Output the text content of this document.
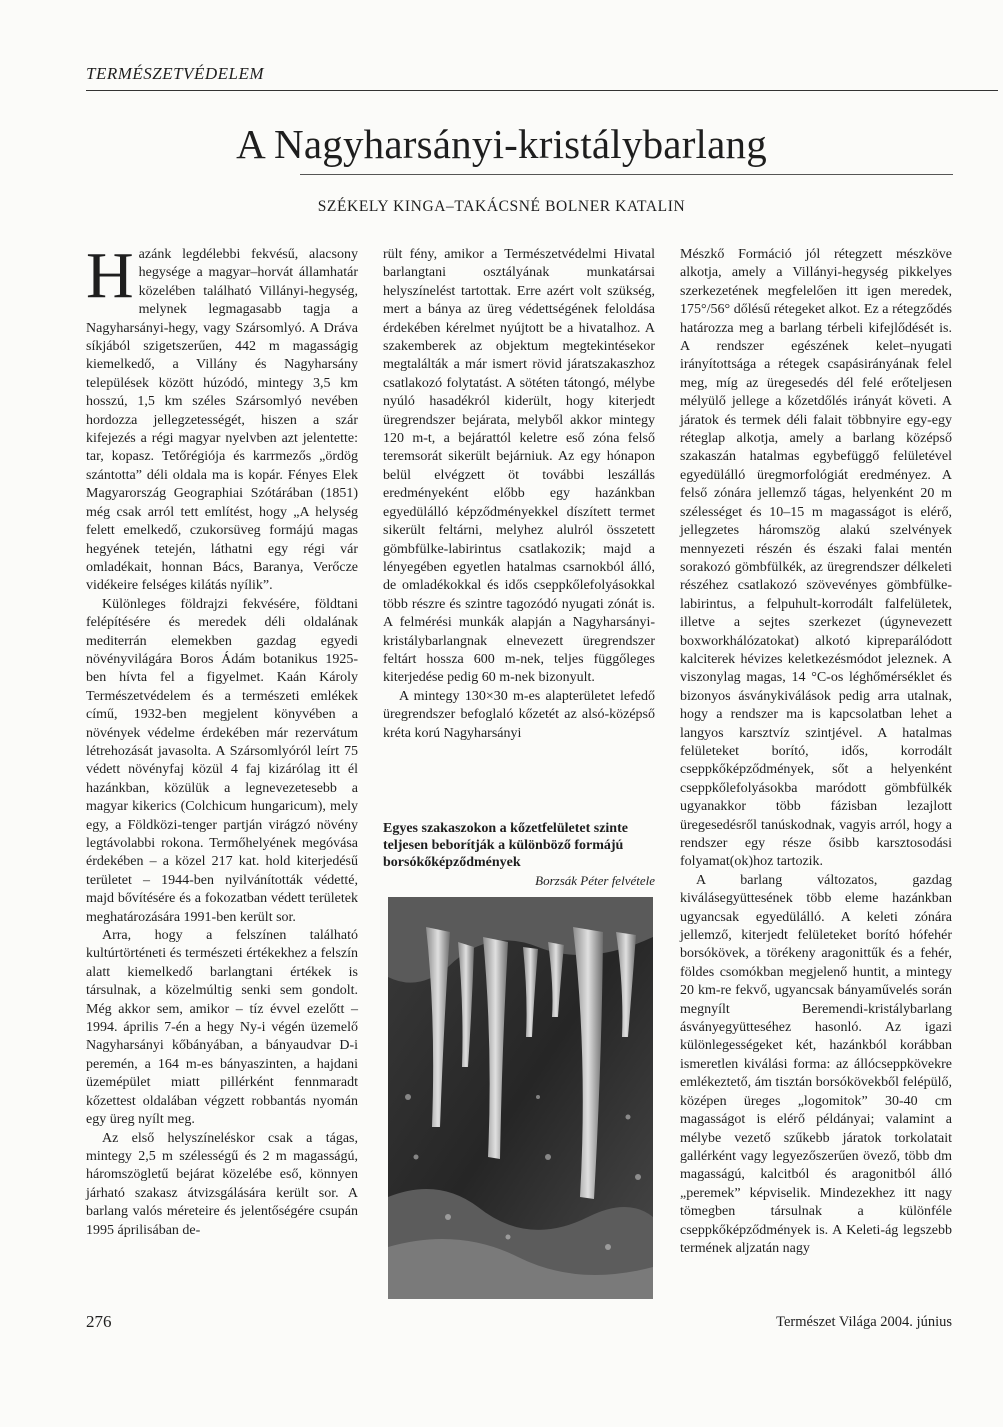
TERMÉSZETVÉDELEM
A Nagyharsányi-kristálybarlang
SZÉKELY KINGA–TAKÁCSNÉ BOLNER KATALIN

Hazánk legdélebbi fekvésű, alacsony hegysége a magyar–horvát államhatár közelében található Villányi-hegység, melynek legmagasabb tagja a Nagyharsányi-hegy, vagy Szársomlyó. A Dráva síkjából szigetszerűen, 442 m magasságig kiemelkedő, a Villány és Nagyharsány települések között húzódó, mintegy 3,5 km hosszú, 1,5 km széles Szársomlyó nevében hordozza jellegzetességét, hiszen a szár kifejezés a régi magyar nyelvben azt jelentette: tar, kopasz. Tetőrégiója és karrmezős „ördög szántotta” déli oldala ma is kopár. Fényes Elek Magyarország Geographiai Szótárában (1851) még csak arról tett említést, hogy „A helység felett emelkedő, czukorsüveg formájú magas hegyének tetején, láthatni egy régi vár omladékait, honnan Bács, Baranya, Verőcze vidékeire felséges kilátás nyílik”.

Különleges földrajzi fekvésére, földtani felépítésére és meredek déli oldalának mediterrán elemekben gazdag egyedi növényvilágára Boros Ádám botanikus 1925-ben hívta fel a figyelmet. Kaán Károly Természetvédelem és a természeti emlékek című, 1932-ben megjelent könyvében a növények védelme érdekében már rezervátum létrehozását javasolta. A Szársomlyóról leírt 75 védett növényfaj közül 4 faj kizárólag itt él hazánkban, közülük a legnevezetesebb a magyar kikerics (Colchicum hungaricum), mely egy, a Földközi-tenger partján virágzó növény legtávolabbi rokona. Termőhelyének megóvása érdekében – a közel 217 kat. hold kiterjedésű területet – 1944-ben nyilvánították védetté, majd bővítésére és a fokozatban védett területek meghatározására 1991-ben került sor.

Arra, hogy a felszínen található kultúrtörténeti és természeti értékekhez a felszín alatt kiemelkedő barlangtani értékek is társulnak, a közelmúltig senki sem gondolt. Még akkor sem, amikor – tíz évvel ezelőtt – 1994. április 7-én a hegy Ny-i végén üzemelő Nagyharsányi kőbányában, a bányaudvar D-i peremén, a 164 m-es bányaszinten, a hajdani üzemépület miatt pillérként fennmaradt kőzettest oldalában végzett robbantás nyomán egy üreg nyílt meg.

Az első helyszíneléskor csak a tágas, mintegy 2,5 m szélességű és 2 m magasságú, háromszögletű bejárat közelébe eső, könnyen járható szakasz átvizsgálására került sor. A barlang valós méreteire és jelentőségére csupán 1995 áprilisában de-

rült fény, amikor a Természetvédelmi Hivatal barlangtani osztályának munkatársai helyszínelést tartottak. Erre azért volt szükség, mert a bánya az üreg védettségének feloldása érdekében kérelmet nyújtott be a hivatalhoz. A szakemberek az objektum megtekintésekor megtalálták a már ismert rövid járatszakaszhoz csatlakozó folytatást. A sötéten tátongó, mélybe nyúló hasadékról kiderült, hogy kiterjedt üregrendszer bejárata, melyből akkor mintegy 120 m-t, a bejárattól keletre eső zóna felső teremsorát sikerült bejárniuk. Az egy hónapon belül elvégzett öt további leszállás eredményeként előbb egy hazánkban egyedülálló képződményekkel díszített termet sikerült feltárni, melyhez alulról összetett gömbfülke-labirintus csatlakozik; majd a lényegében egyetlen hatalmas csarnokból álló, de omladékokkal és idős cseppkőlefolyásokkal több részre és szintre tagozódó nyugati zónát is. A felmérési munkák alapján a Nagyharsányi-kristálybarlangnak elnevezett üregrendszer feltárt hossza 600 m-nek, teljes függőleges kiterjedése pedig 60 m-nek bizonyult.

A mintegy 130×30 m-es alapterületet lefedő üregrendszer befoglaló kőzetét az alsó-középső kréta korú Nagyharsányi

Egyes szakaszokon a kőzetfelületet szinte teljesen beborítják a különböző formájú borsókőképződmények
Borzsák Péter felvétele

Mészkő Formáció jól rétegzett mészköve alkotja, amely a Villányi-hegység pikkelyes szerkezetének megfelelően itt igen meredek, 175°/56° dőlésű rétegeket alkot. Ez a rétegződés határozza meg a barlang térbeli kifejlődését is. A rendszer egészének kelet–nyugati irányítottsága a rétegek csapásirányának felel meg, míg az üregesedés dél felé erőteljesen mélyülő jellege a kőzetdőlés irányát követi. A járatok és termek déli falait többnyire egy-egy réteglap alkotja, amely a barlang középső szakaszán hatalmas egybefüggő felületével egyedülálló üregmorfológiát eredményez. A felső zónára jellemző tágas, helyenként 20 m szélességet és 10–15 m magasságot is elérő, jellegzetes háromszög alakú szelvények mennyezeti részén és északi falai mentén sorakozó gömbfülkék, az üregrendszer délkeleti részéhez csatlakozó szövevényes gömbfülke-labirintus, a felpuhult-korrodált falfelületek, illetve a sejtes szerkezet (úgynevezett boxworkhálózatokat) alkotó kipreparálódott kalciterek hévizes keletkezésmódot jeleznek. A viszonylag magas, 14 °C-os léghőmérséklet és bizonyos ásványkiválások pedig arra utalnak, hogy a rendszer ma is kapcsolatban lehet a langyos karsztvíz szintjével. A hatalmas felületeket borító, idős, korrodált cseppkőképződmények, sőt a helyenként cseppkőlefolyásokba maródott gömbfülkék ugyanakkor több fázisban lezajlott üregesedésről tanúskodnak, vagyis arról, hogy a rendszer egy része ősibb karsztosodási folyamat(ok)hoz tartozik.

A barlang változatos, gazdag kiválásegyüttesének több eleme hazánkban ugyancsak egyedülálló. A keleti zónára jellemző, kiterjedt felületeket borító hófehér borsókövek, a törékeny aragonittűk és a fehér, földes csomókban megjelenő huntit, a mintegy 20 km-re fekvő, ugyancsak bányaművelés során megnyílt Beremendi-kristálybarlang ásványegyütteséhez hasonló. Az igazi különlegességeket két, hazánkból korábban ismeretlen kiválási forma: az állócseppkövekre emlékeztető, ám tisztán borsókövekből felépülő, középen üreges „logomitok” 30-40 cm magasságot is elérő példányai; valamint a mélybe vezető szűkebb járatok torkolatait gallérként vagy legyezőszerűen övező, több dm magasságú, kalcitból és aragonitból álló „peremek” képviselik. Mindezekhez itt nagy tömegben társulnak a különféle cseppkőképződmények is. A Keleti-ág legszebb termének aljzatán nagy

276	Természet Világa 2004. június
